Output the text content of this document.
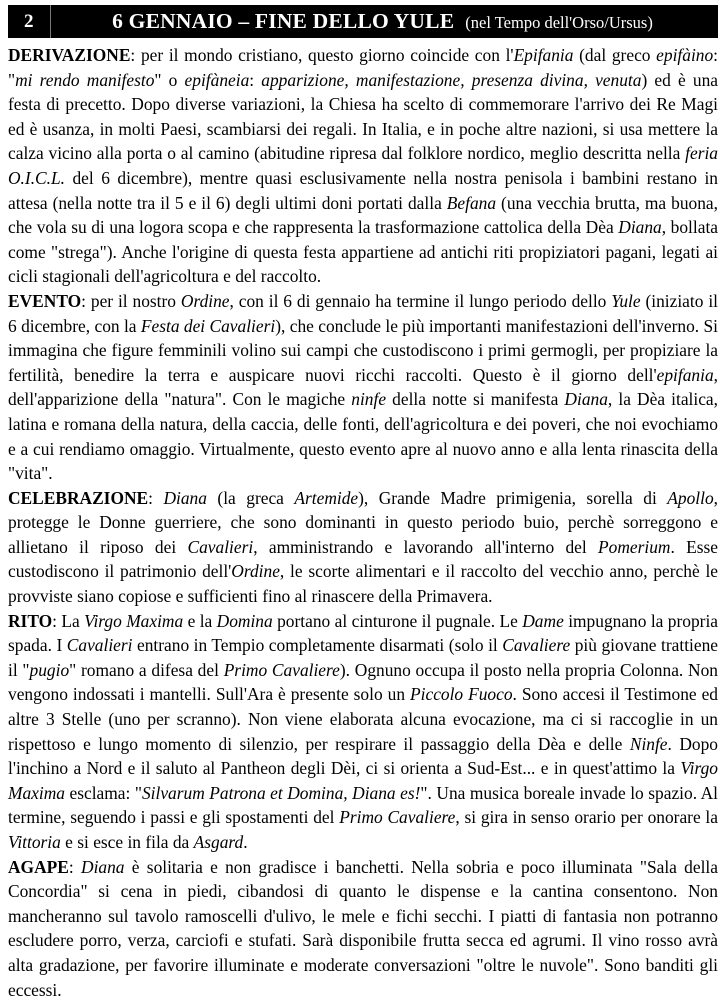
2	6 GENNAIO – FINE DELLO YULE (nel Tempo dell'Orso/Ursus)

DERIVAZIONE: per il mondo cristiano, questo giorno coincide con l'Epifania (dal greco epifàino: "mi rendo manifesto" o epifàneia: apparizione, manifestazione, presenza divina, venuta) ed è una festa di precetto. Dopo diverse variazioni, la Chiesa ha scelto di commemorare l'arrivo dei Re Magi ed è usanza, in molti Paesi, scambiarsi dei regali. In Italia, e in poche altre nazioni, si usa mettere la calza vicino alla porta o al camino (abitudine ripresa dal folklore nordico, meglio descritta nella feria O.I.C.L. del 6 dicembre), mentre quasi esclusivamente nella nostra penisola i bambini restano in attesa (nella notte tra il 5 e il 6) degli ultimi doni portati dalla Befana (una vecchia brutta, ma buona, che vola su di una logora scopa e che rappresenta la trasformazione cattolica della Dèa Diana, bollata come "strega"). Anche l'origine di questa festa appartiene ad antichi riti propiziatori pagani, legati ai cicli stagionali dell'agricoltura e del raccolto.

EVENTO: per il nostro Ordine, con il 6 di gennaio ha termine il lungo periodo dello Yule (iniziato il 6 dicembre, con la Festa dei Cavalieri), che conclude le più importanti manifestazioni dell'inverno. Si immagina che figure femminili volino sui campi che custodiscono i primi germogli, per propiziare la fertilità, benedire la terra e auspicare nuovi ricchi raccolti. Questo è il giorno dell'epifania, dell'apparizione della "natura". Con le magiche ninfe della notte si manifesta Diana, la Dèa italica, latina e romana della natura, della caccia, delle fonti, dell'agricoltura e dei poveri, che noi evochiamo e a cui rendiamo omaggio. Virtualmente, questo evento apre al nuovo anno e alla lenta rinascita della "vita".

CELEBRAZIONE: Diana (la greca Artemide), Grande Madre primigenia, sorella di Apollo, protegge le Donne guerriere, che sono dominanti in questo periodo buio, perchè sorreggono e allietano il riposo dei Cavalieri, amministrando e lavorando all'interno del Pomerium. Esse custodiscono il patrimonio dell'Ordine, le scorte alimentari e il raccolto del vecchio anno, perchè le provviste siano copiose e sufficienti fino al rinascere della Primavera.

RITO: La Virgo Maxima e la Domina portano al cinturone il pugnale. Le Dame impugnano la propria spada. I Cavalieri entrano in Tempio completamente disarmati (solo il Cavaliere più giovane trattiene il "pugio" romano a difesa del Primo Cavaliere). Ognuno occupa il posto nella propria Colonna. Non vengono indossati i mantelli. Sull'Ara è presente solo un Piccolo Fuoco. Sono accesi il Testimone ed altre 3 Stelle (uno per scranno). Non viene elaborata alcuna evocazione, ma ci si raccoglie in un rispettoso e lungo momento di silenzio, per respirare il passaggio della Dèa e delle Ninfe. Dopo l'inchino a Nord e il saluto al Pantheon degli Dèi, ci si orienta a Sud-Est... e in quest'attimo la Virgo Maxima esclama: "Silvarum Patrona et Domina, Diana es!". Una musica boreale invade lo spazio. Al termine, seguendo i passi e gli spostamenti del Primo Cavaliere, si gira in senso orario per onorare la Vittoria e si esce in fila da Asgard.

AGAPE: Diana è solitaria e non gradisce i banchetti. Nella sobria e poco illuminata "Sala della Concordia" si cena in piedi, cibandosi di quanto le dispense e la cantina consentono. Non mancheranno sul tavolo ramoscelli d'ulivo, le mele e fichi secchi. I piatti di fantasia non potranno escludere porro, verza, carciofi e stufati. Sarà disponibile frutta secca ed agrumi. Il vino rosso avrà alta gradazione, per favorire illuminate e moderate conversazioni "oltre le nuvole". Sono banditi gli eccessi.
